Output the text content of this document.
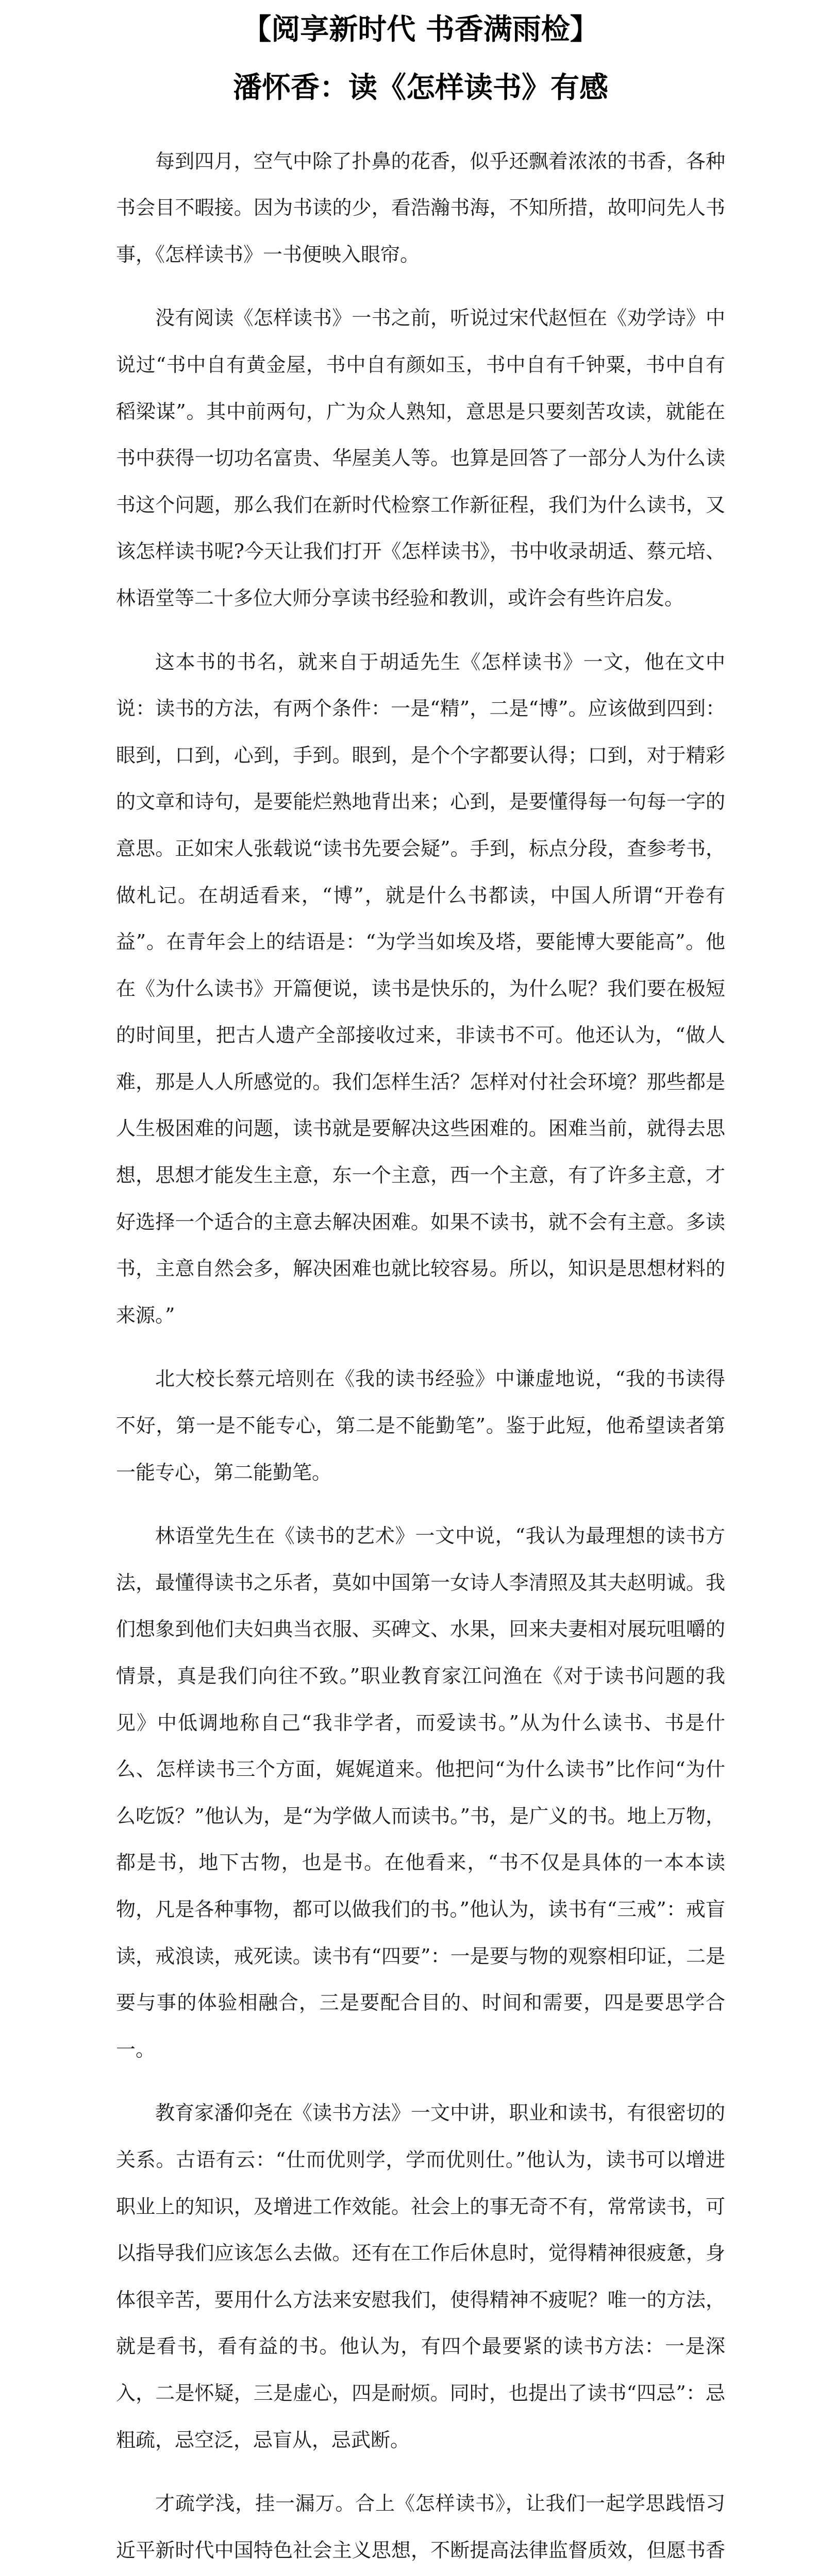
【阅享新时代 书香满雨检】
潘怀香：读《怎样读书》有感

每到四月，空气中除了扑鼻的花香，似乎还飘着浓浓的书香，各种书会目不暇接。因为书读的少，看浩瀚书海，不知所措，故叩问先人书事，《怎样读书》一书便映入眼帘。

没有阅读《怎样读书》一书之前，听说过宋代赵恒在《劝学诗》中说过“书中自有黄金屋，书中自有颜如玉，书中自有千钟粟，书中自有稻梁谋”。其中前两句，广为众人熟知，意思是只要刻苦攻读，就能在书中获得一切功名富贵、华屋美人等。也算是回答了一部分人为什么读书这个问题，那么我们在新时代检察工作新征程，我们为什么读书，又该怎样读书呢?今天让我们打开《怎样读书》，书中收录胡适、蔡元培、林语堂等二十多位大师分享读书经验和教训，或许会有些许启发。

这本书的书名，就来自于胡适先生《怎样读书》一文，他在文中说：读书的方法，有两个条件：一是“精”，二是“博”。应该做到四到：眼到，口到，心到，手到。眼到，是个个字都要认得；口到，对于精彩的文章和诗句，是要能烂熟地背出来；心到，是要懂得每一句每一字的意思。正如宋人张载说“读书先要会疑”。手到，标点分段，查参考书，做札记。在胡适看来，“博”，就是什么书都读，中国人所谓“开卷有益”。在青年会上的结语是：“为学当如埃及塔，要能博大要能高”。他在《为什么读书》开篇便说，读书是快乐的，为什么呢？我们要在极短的时间里，把古人遗产全部接收过来，非读书不可。他还认为，“做人难，那是人人所感觉的。我们怎样生活？怎样对付社会环境？那些都是人生极困难的问题，读书就是要解决这些困难的。困难当前，就得去思想，思想才能发生主意，东一个主意，西一个主意，有了许多主意，才好选择一个适合的主意去解决困难。如果不读书，就不会有主意。多读书，主意自然会多，解决困难也就比较容易。所以，知识是思想材料的来源。”

北大校长蔡元培则在《我的读书经验》中谦虚地说，“我的书读得不好，第一是不能专心，第二是不能勤笔”。鉴于此短，他希望读者第一能专心，第二能勤笔。

林语堂先生在《读书的艺术》一文中说，“我认为最理想的读书方法，最懂得读书之乐者，莫如中国第一女诗人李清照及其夫赵明诚。我们想象到他们夫妇典当衣服、买碑文、水果，回来夫妻相对展玩咀嚼的情景，真是我们向往不致。”职业教育家江问渔在《对于读书问题的我见》中低调地称自己“我非学者，而爱读书。”从为什么读书、书是什么、怎样读书三个方面，娓娓道来。他把问“为什么读书”比作问“为什么吃饭？”他认为，是“为学做人而读书。”书，是广义的书。地上万物，都是书，地下古物，也是书。在他看来，“书不仅是具体的一本本读物，凡是各种事物，都可以做我们的书。”他认为，读书有“三戒”：戒盲读，戒浪读，戒死读。读书有“四要”：一是要与物的观察相印证，二是要与事的体验相融合，三是要配合目的、时间和需要，四是要思学合一。

教育家潘仰尧在《读书方法》一文中讲，职业和读书，有很密切的关系。古语有云：“仕而优则学，学而优则仕。”他认为，读书可以增进职业上的知识，及增进工作效能。社会上的事无奇不有，常常读书，可以指导我们应该怎么去做。还有在工作后休息时，觉得精神很疲惫，身体很辛苦，要用什么方法来安慰我们，使得精神不疲呢？唯一的方法，就是看书，看有益的书。他认为，有四个最要紧的读书方法：一是深入，二是怀疑，三是虚心，四是耐烦。同时，也提出了读书“四忌”：忌粗疏，忌空泛，忌盲从，忌武断。

才疏学浅，挂一漏万。合上《怎样读书》，让我们一起学思践悟习近平新时代中国特色社会主义思想，不断提高法律监督质效，但愿书香
